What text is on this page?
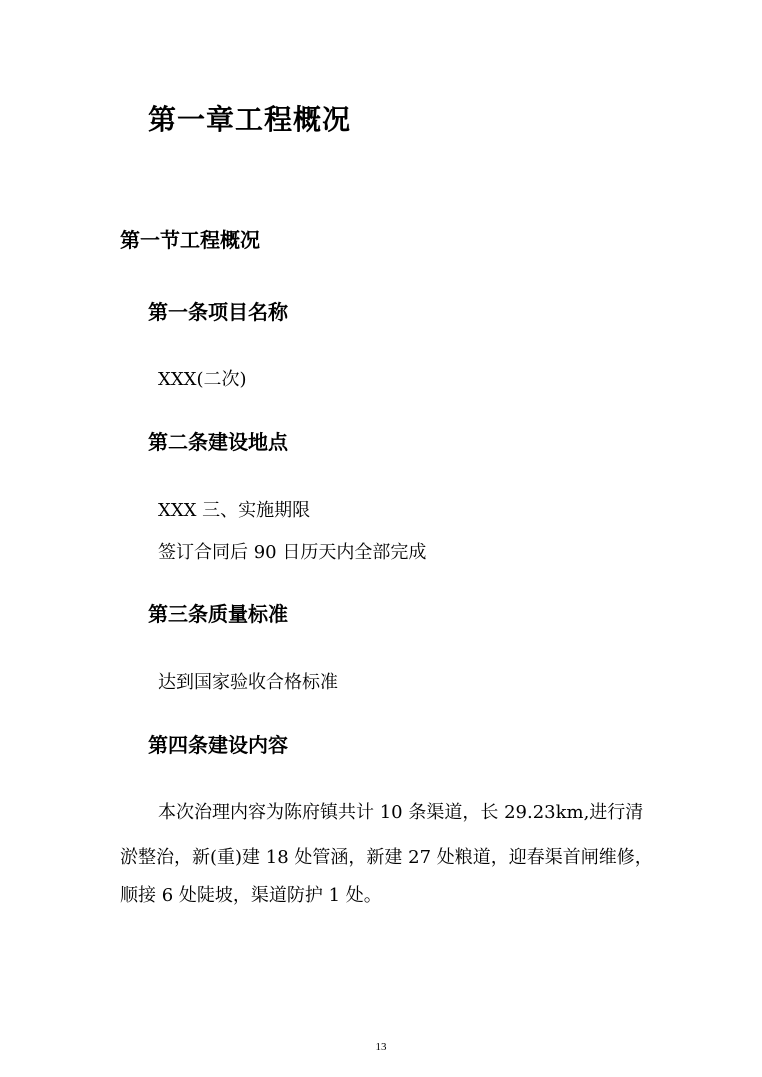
第一章工程概况
第一节工程概况
第一条项目名称
XXX(二次)
第二条建设地点
XXX 三、实施期限
签订合同后 90 日历天内全部完成
第三条质量标准
达到国家验收合格标准
第四条建设内容
本次治理内容为陈府镇共计 10 条渠道，长 29.23km,进行清
淤整治，新(重)建 18 处管涵，新建 27 处粮道，迎春渠首闸维修，
顺接 6 处陡坡，渠道防护 1 处。
13
